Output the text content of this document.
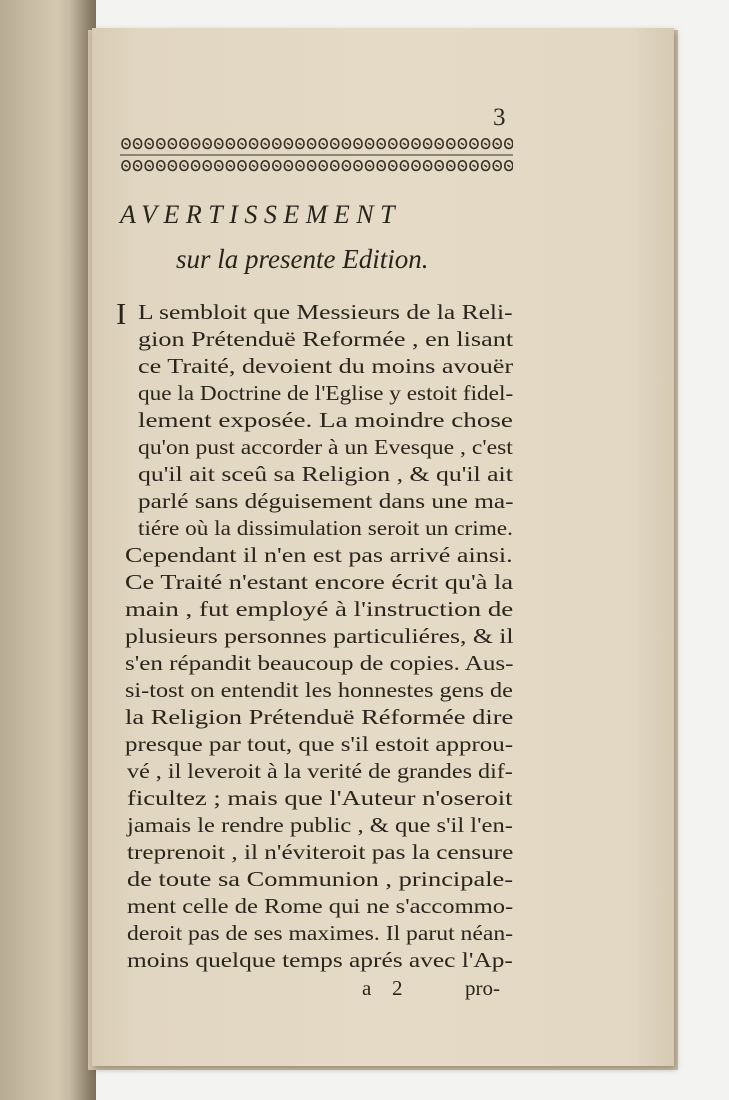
3
AVERTISSEMENT
sur la presente Edition.
I L sembloit que Messieurs de la Reli-
gion Prétenduë Reformée , en lisant
ce Traité, devoient du moins avouër
que la Doctrine de l'Eglise y estoit fidel-
lement exposée. La moindre chose
qu'on pust accorder à un Evesque , c'est
qu'il ait sceû sa Religion , & qu'il ait
parlé sans déguisement dans une ma-
tiére où la dissimulation seroit un crime.
Cependant il n'en est pas arrivé ainsi.
Ce Traité n'estant encore écrit qu'à la
main , fut employé à l'instruction de
plusieurs personnes particuliéres, & il
s'en répandit beaucoup de copies. Aus-
si-tost on entendit les honnestes gens de
la Religion Prétenduë Réformée dire
presque par tout, que s'il estoit approu-
vé , il leveroit à la verité de grandes dif-
ficultez ; mais que l'Auteur n'oseroit
jamais le rendre public , & que s'il l'en-
treprenoit , il n'éviteroit pas la censure
de toute sa Communion , principale-
ment celle de Rome qui ne s'accommo-
deroit pas de ses maximes. Il parut néan-
moins quelque temps aprés avec l'Ap-
a 2	pro-
